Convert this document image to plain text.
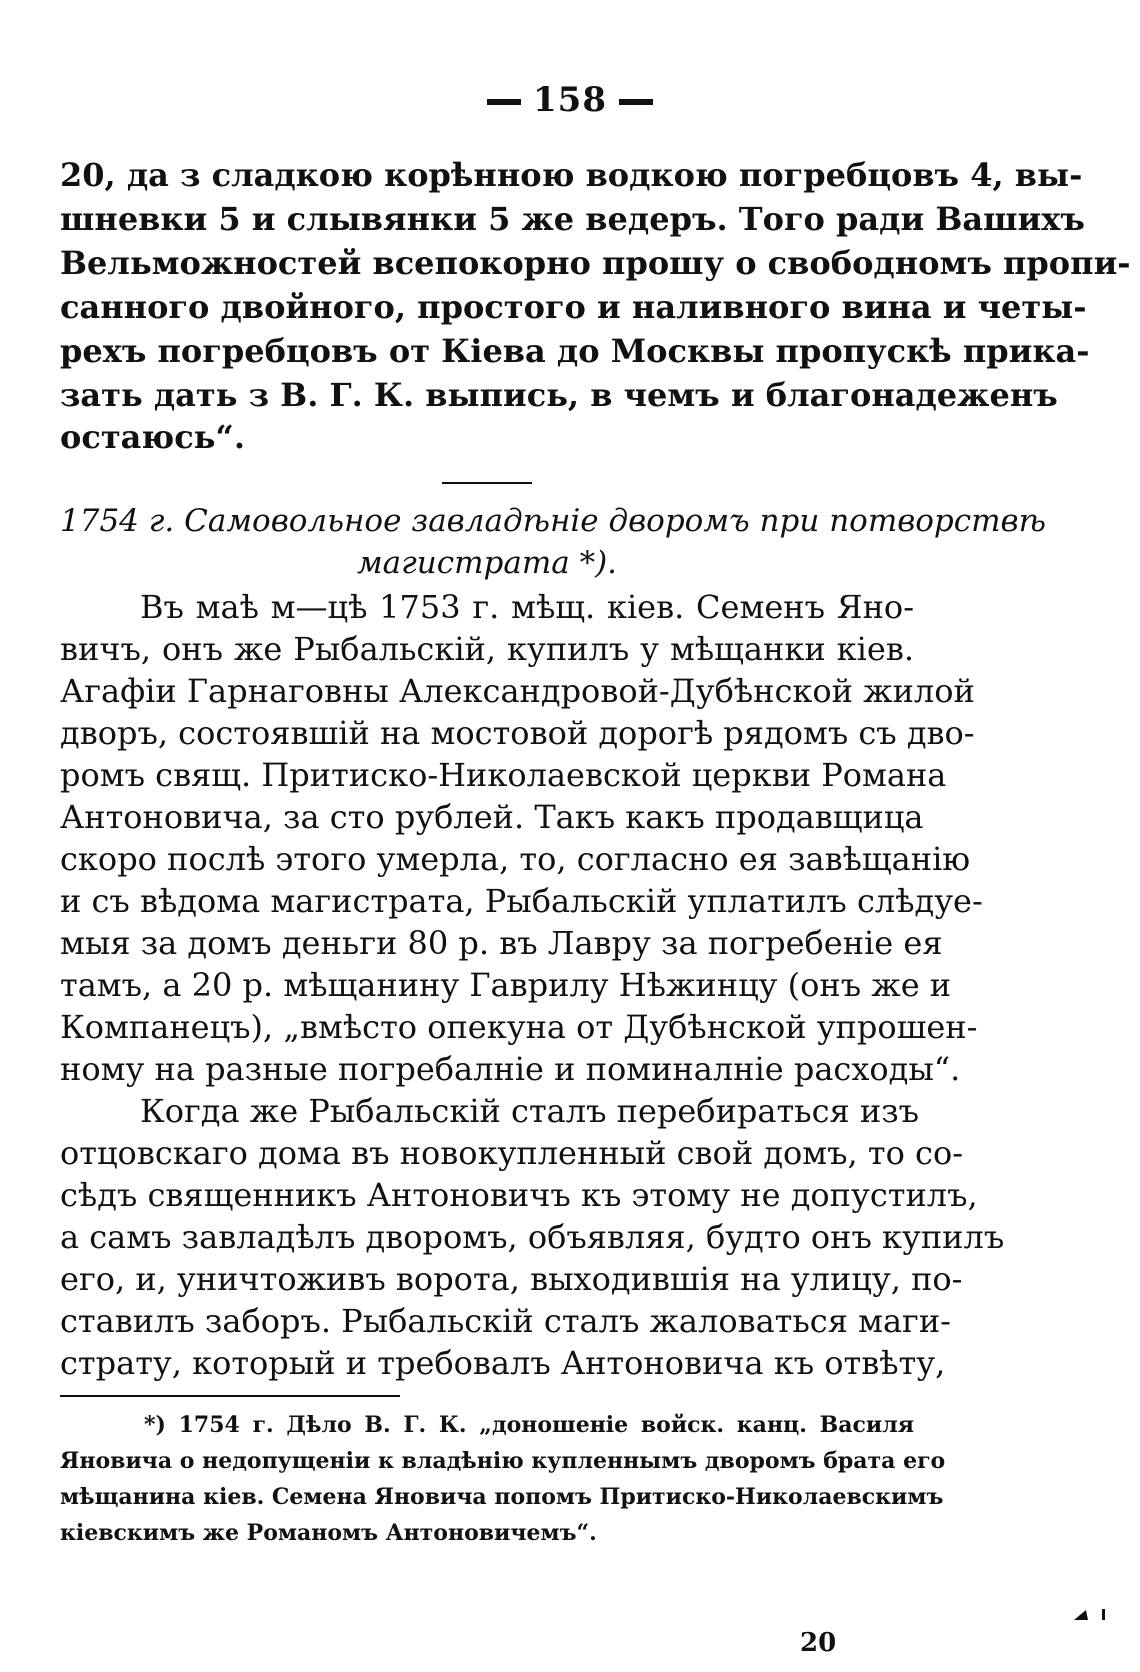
158
20, да з сладкою корѣнною водкою погребцовъ 4, вы-
шневки 5 и слывянки 5 же ведеръ. Того ради Вашихъ
Вельможностей всепокорно прошу о свободномъ пропи-
санного двойного, простого и наливного вина и четы-
рехъ погребцовъ от Кіева до Москвы пропускѣ прика-
зать дать з В. Г. К. выпись, в чемъ и благонадеженъ
остаюсь“.
1754 г. Самовольное завладѣніе дворомъ при потворствѣ
магистрата *).
Въ маѣ м—цѣ 1753 г. мѣщ. кіев. Семенъ Яно-
вичъ, онъ же Рыбальскій, купилъ у мѣщанки кіев.
Агафіи Гарнаговны Александровой-Дубѣнской жилой
дворъ, состоявшій на мостовой дорогѣ рядомъ съ дво-
ромъ свящ. Притиско-Николаевской церкви Романа
Антоновича, за сто рублей. Такъ какъ продавщица
скоро послѣ этого умерла, то, согласно ея завѣщанію
и съ вѣдома магистрата, Рыбальскій уплатилъ слѣдуе-
мыя за домъ деньги 80 р. въ Лавру за погребеніе ея
тамъ, а 20 р. мѣщанину Гаврилу Нѣжинцу (онъ же и
Компанецъ), „вмѣсто опекуна от Дубѣнской упрошен-
ному на разные погребалніе и поминалніе расходы“.
Когда же Рыбальскій сталъ перебираться изъ
отцовскаго дома въ новокупленный свой домъ, то со-
сѣдъ священникъ Антоновичъ къ этому не допустилъ,
а самъ завладѣлъ дворомъ, объявляя, будто онъ купилъ
его, и, уничтоживъ ворота, выходившія на улицу, по-
ставилъ заборъ. Рыбальскій сталъ жаловаться маги-
страту, который и требовалъ Антоновича къ отвѣту,
*) 1754 г. Дѣло В. Г. К. „доношеніе войск. канц. Василя
Яновича о недопущеніи к владѣнію купленнымъ дворомъ брата его
мѣщанина кіев. Семена Яновича попомъ Притиско-Николаевскимъ
кіевскимъ же Романомъ Антоновичемъ“.
20
